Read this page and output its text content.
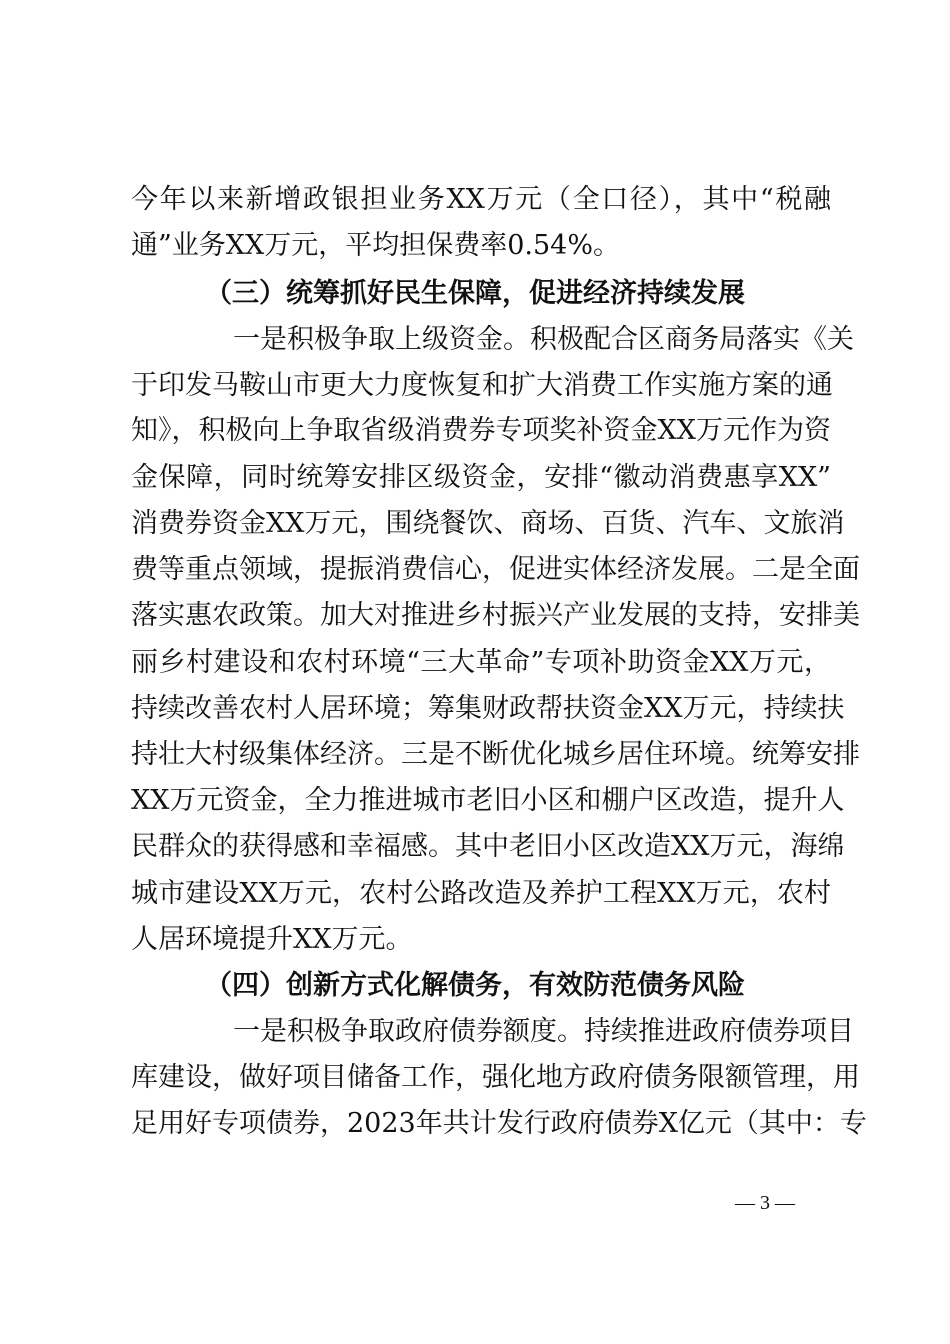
今年以来新增政银担业务XX万元（全口径），其中“税融
通”业务XX万元，平均担保费率0.54%。
（三）统筹抓好民生保障，促进经济持续发展
一是积极争取上级资金。积极配合区商务局落实《关
于印发马鞍山市更大力度恢复和扩大消费工作实施方案的通
知》，积极向上争取省级消费券专项奖补资金XX万元作为资
金保障，同时统筹安排区级资金，安排“徽动消费惠享XX”
消费券资金XX万元，围绕餐饮、商场、百货、汽车、文旅消
费等重点领域，提振消费信心，促进实体经济发展。二是全面
落实惠农政策。加大对推进乡村振兴产业发展的支持，安排美
丽乡村建设和农村环境“三大革命”专项补助资金XX万元，
持续改善农村人居环境；筹集财政帮扶资金XX万元，持续扶
持壮大村级集体经济。三是不断优化城乡居住环境。统筹安排
XX万元资金，全力推进城市老旧小区和棚户区改造，提升人
民群众的获得感和幸福感。其中老旧小区改造XX万元，海绵
城市建设XX万元，农村公路改造及养护工程XX万元，农村
人居环境提升XX万元。
（四）创新方式化解债务，有效防范债务风险
一是积极争取政府债券额度。持续推进政府债券项目
库建设，做好项目储备工作，强化地方政府债务限额管理，用
足用好专项债券，2023年共计发行政府债券X亿元（其中：专
— 3 —
